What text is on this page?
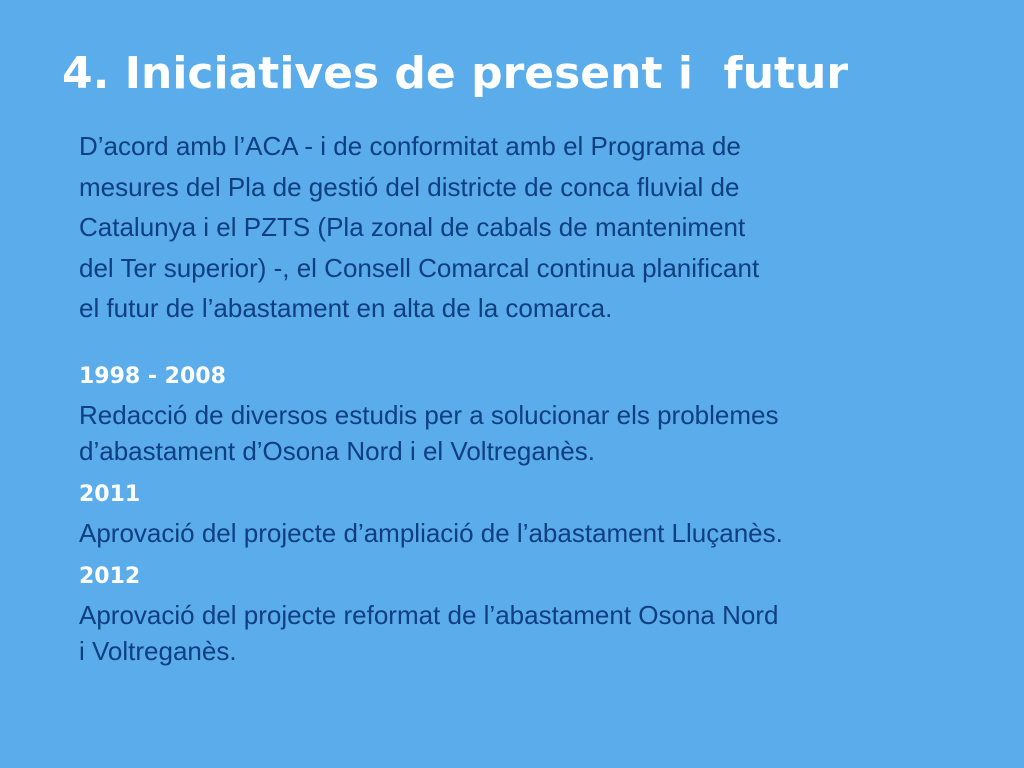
4. Iniciatives de present i  futur

D’acord amb l’ACA - i de conformitat amb el Programa de
mesures del Pla de gestió del districte de conca fluvial de
Catalunya i el PZTS (Pla zonal de cabals de manteniment
del Ter superior) -, el Consell Comarcal continua planificant
el futur de l’abastament en alta de la comarca.

1998 - 2008
Redacció de diversos estudis per a solucionar els problemes
d’abastament d’Osona Nord i el Voltreganès.
2011
Aprovació del projecte d’ampliació de l’abastament Lluçanès.
2012
Aprovació del projecte reformat de l’abastament Osona Nord
i Voltreganès.
